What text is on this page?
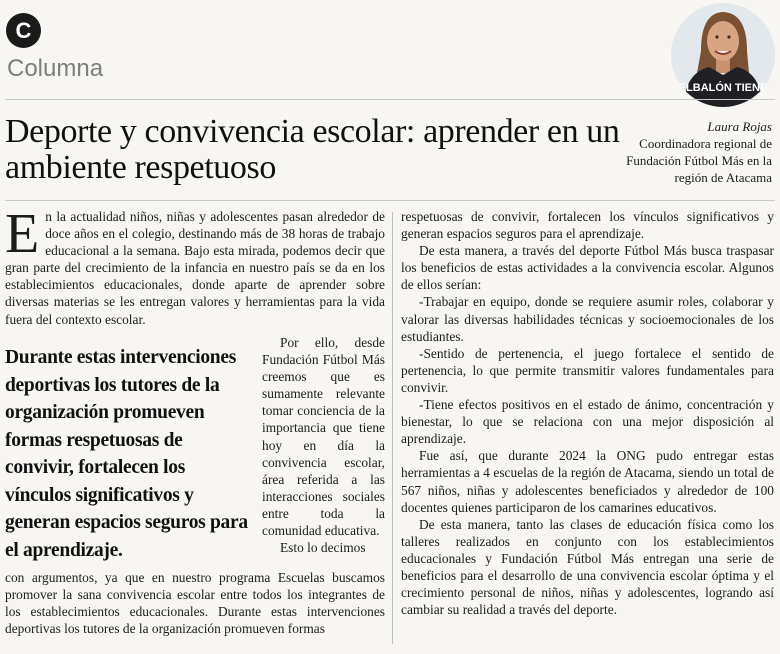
C
Columna
ELBALÓN TIENE
Deporte y convivencia escolar: aprender en un ambiente respetuoso
Laura Rojas
Coordinadora regional de Fundación Fútbol Más en la región de Atacama

En la actualidad niños, niñas y adolescentes pasan alrededor de doce años en el colegio, destinando más de 38 horas de trabajo educacional a la semana. Bajo esta mirada, podemos decir que gran parte del crecimiento de la infancia en nuestro país se da en los establecimientos educacionales, donde aparte de aprender sobre diversas materias se les entregan valores y herramientas para la vida fuera del contexto escolar.

Durante estas intervenciones deportivas los tutores de la organización promueven formas respetuosas de convivir, fortalecen los vínculos significativos y generan espacios seguros para el aprendizaje.

Por ello, desde Fundación Fútbol Más creemos que es sumamente relevante tomar conciencia de la importancia que tiene hoy en día la convivencia escolar, área referida a las interacciones sociales entre toda la comunidad educativa.

Esto lo decimos

con argumentos, ya que en nuestro programa Escuelas buscamos promover la sana convivencia escolar entre todos los integrantes de los establecimientos educacionales. Durante estas intervenciones deportivas los tutores de la organización promueven formas

respetuosas de convivir, fortalecen los vínculos significativos y generan espacios seguros para el aprendizaje.

De esta manera, a través del deporte Fútbol Más busca traspasar los beneficios de estas actividades a la convivencia escolar. Algunos de ellos serían:

-Trabajar en equipo, donde se requiere asumir roles, colaborar y valorar las diversas habilidades técnicas y socioemocionales de los estudiantes.

-Sentido de pertenencia, el juego fortalece el sentido de pertenencia, lo que permite transmitir valores fundamentales para convivir.

-Tiene efectos positivos en el estado de ánimo, concentración y bienestar, lo que se relaciona con una mejor disposición al aprendizaje.

Fue así, que durante 2024 la ONG pudo entregar estas herramientas a 4 escuelas de la región de Atacama, siendo un total de 567 niños, niñas y adolescentes beneficiados y alrededor de 100 docentes quienes participaron de los camarines educativos.

De esta manera, tanto las clases de educación física como los talleres realizados en conjunto con los establecimientos educacionales y Fundación Fútbol Más entregan una serie de beneficios para el desarrollo de una convivencia escolar óptima y el crecimiento personal de niños, niñas y adolescentes, logrando así cambiar su realidad a través del deporte.
